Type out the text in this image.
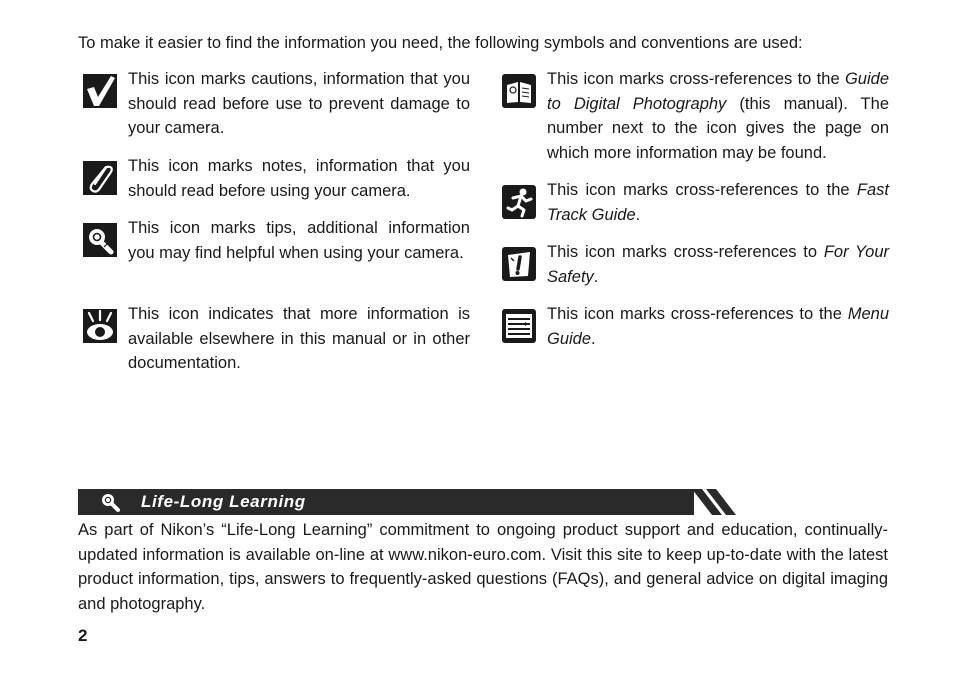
To make it easier to find the information you need, the following symbols and conventions are used:
This icon marks cautions, information that you should read before use to prevent damage to your camera.
This icon marks notes, information that you should read before using your camera.
This icon marks tips, additional information you may find helpful when using your camera.
This icon indicates that more information is available elsewhere in this manual or in other documentation.
This icon marks cross-references to the Guide to Digital Photography (this manual). The number next to the icon gives the page on which more information may be found.
This icon marks cross-references to the Fast Track Guide.
This icon marks cross-references to For Your Safety.
This icon marks cross-references to the Menu Guide.
Life-Long Learning
As part of Nikon’s “Life-Long Learning” commitment to ongoing product support and education, continually-updated information is available on-line at www.nikon-euro.com. Visit this site to keep up-to-date with the latest product information, tips, answers to frequently-asked questions (FAQs), and general advice on digital imaging and photography.
2
